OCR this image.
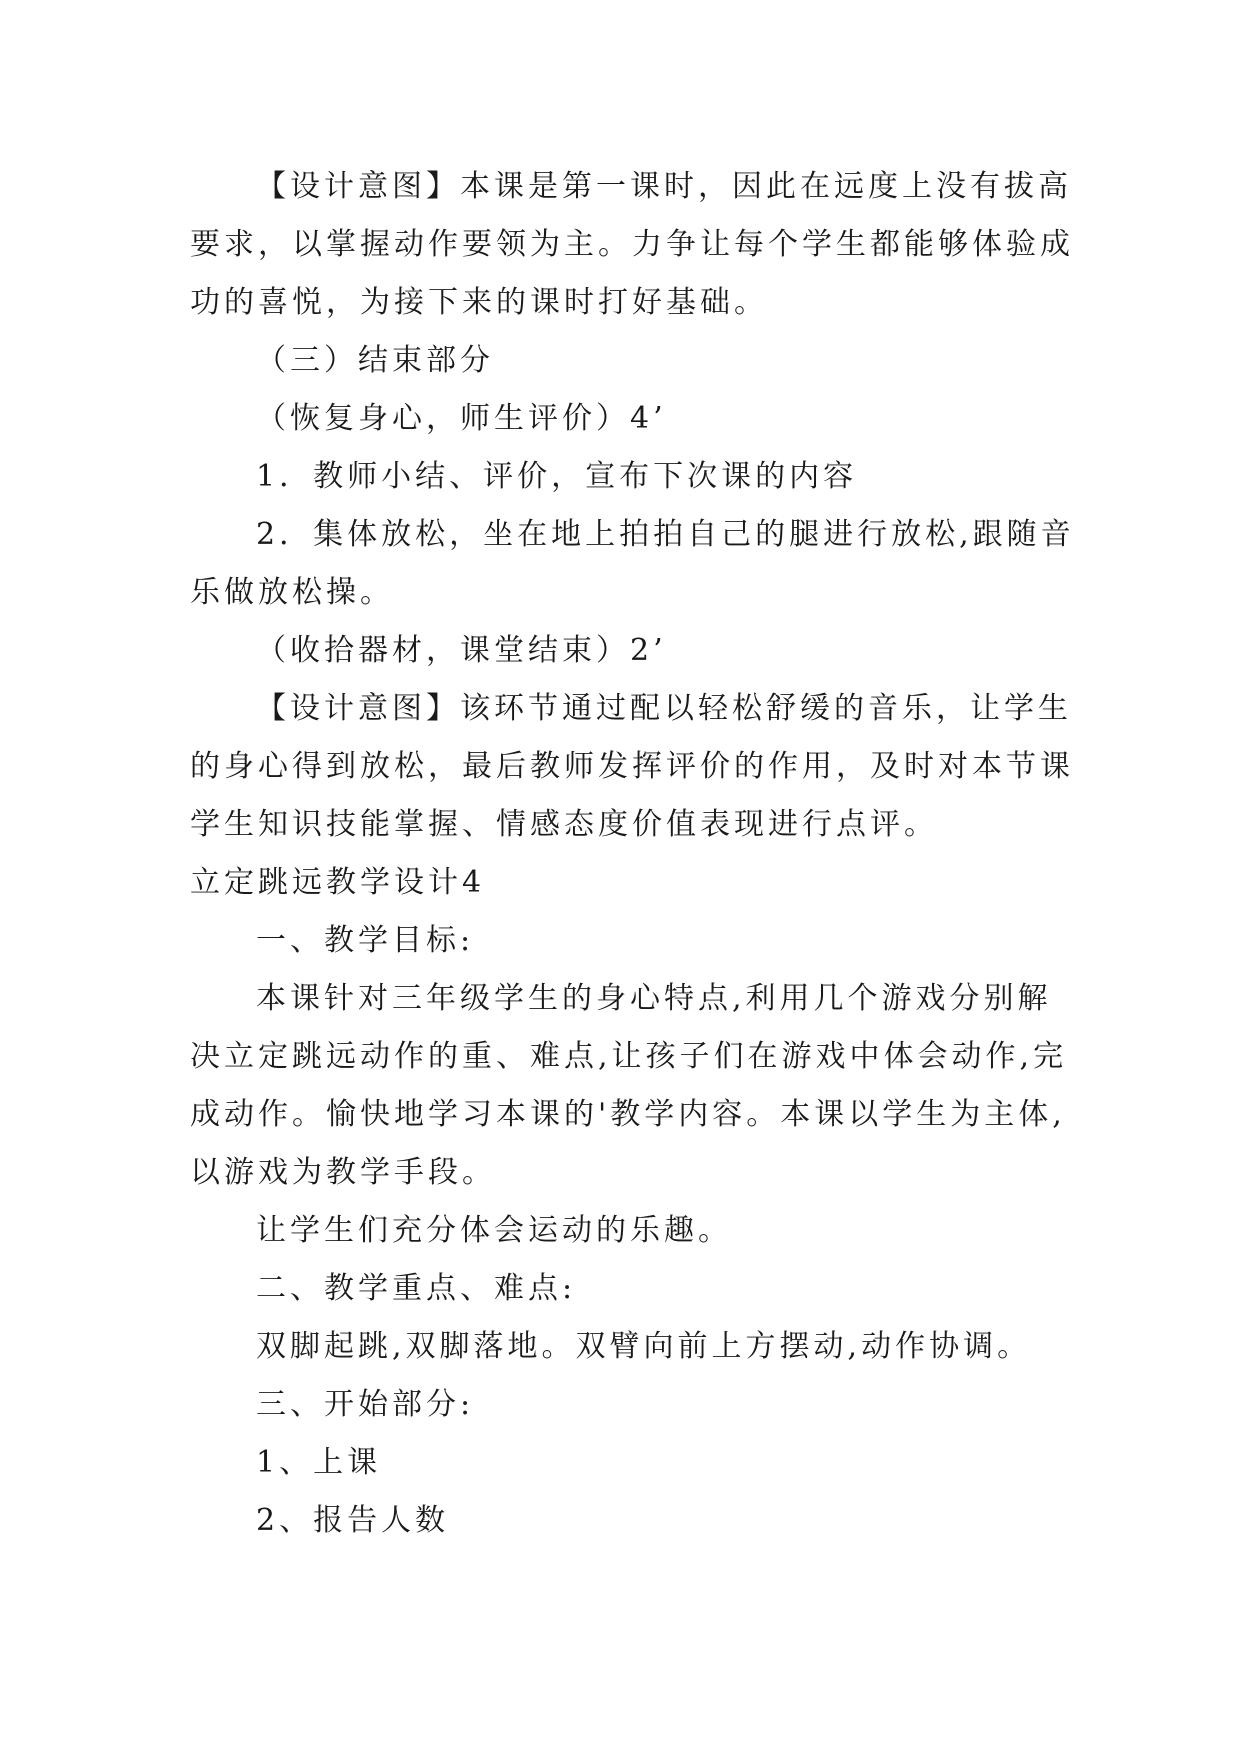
【设计意图】本课是第一课时，因此在远度上没有拔高
要求，以掌握动作要领为主。力争让每个学生都能够体验成
功的喜悦，为接下来的课时打好基础。
（三）结束部分
（恢复身心，师生评价）4’
1．教师小结、评价，宣布下次课的内容
2．集体放松，坐在地上拍拍自己的腿进行放松,跟随音
乐做放松操。
（收拾器材，课堂结束）2’
【设计意图】该环节通过配以轻松舒缓的音乐，让学生
的身心得到放松，最后教师发挥评价的作用，及时对本节课
学生知识技能掌握、情感态度价值表现进行点评。
立定跳远教学设计4
一、教学目标:
本课针对三年级学生的身心特点,利用几个游戏分别解
决立定跳远动作的重、难点,让孩子们在游戏中体会动作,完
成动作。愉快地学习本课的'教学内容。本课以学生为主体,
以游戏为教学手段。
让学生们充分体会运动的乐趣。
二、教学重点、难点:
双脚起跳,双脚落地。双臂向前上方摆动,动作协调。
三、开始部分:
1、上课
2、报告人数
